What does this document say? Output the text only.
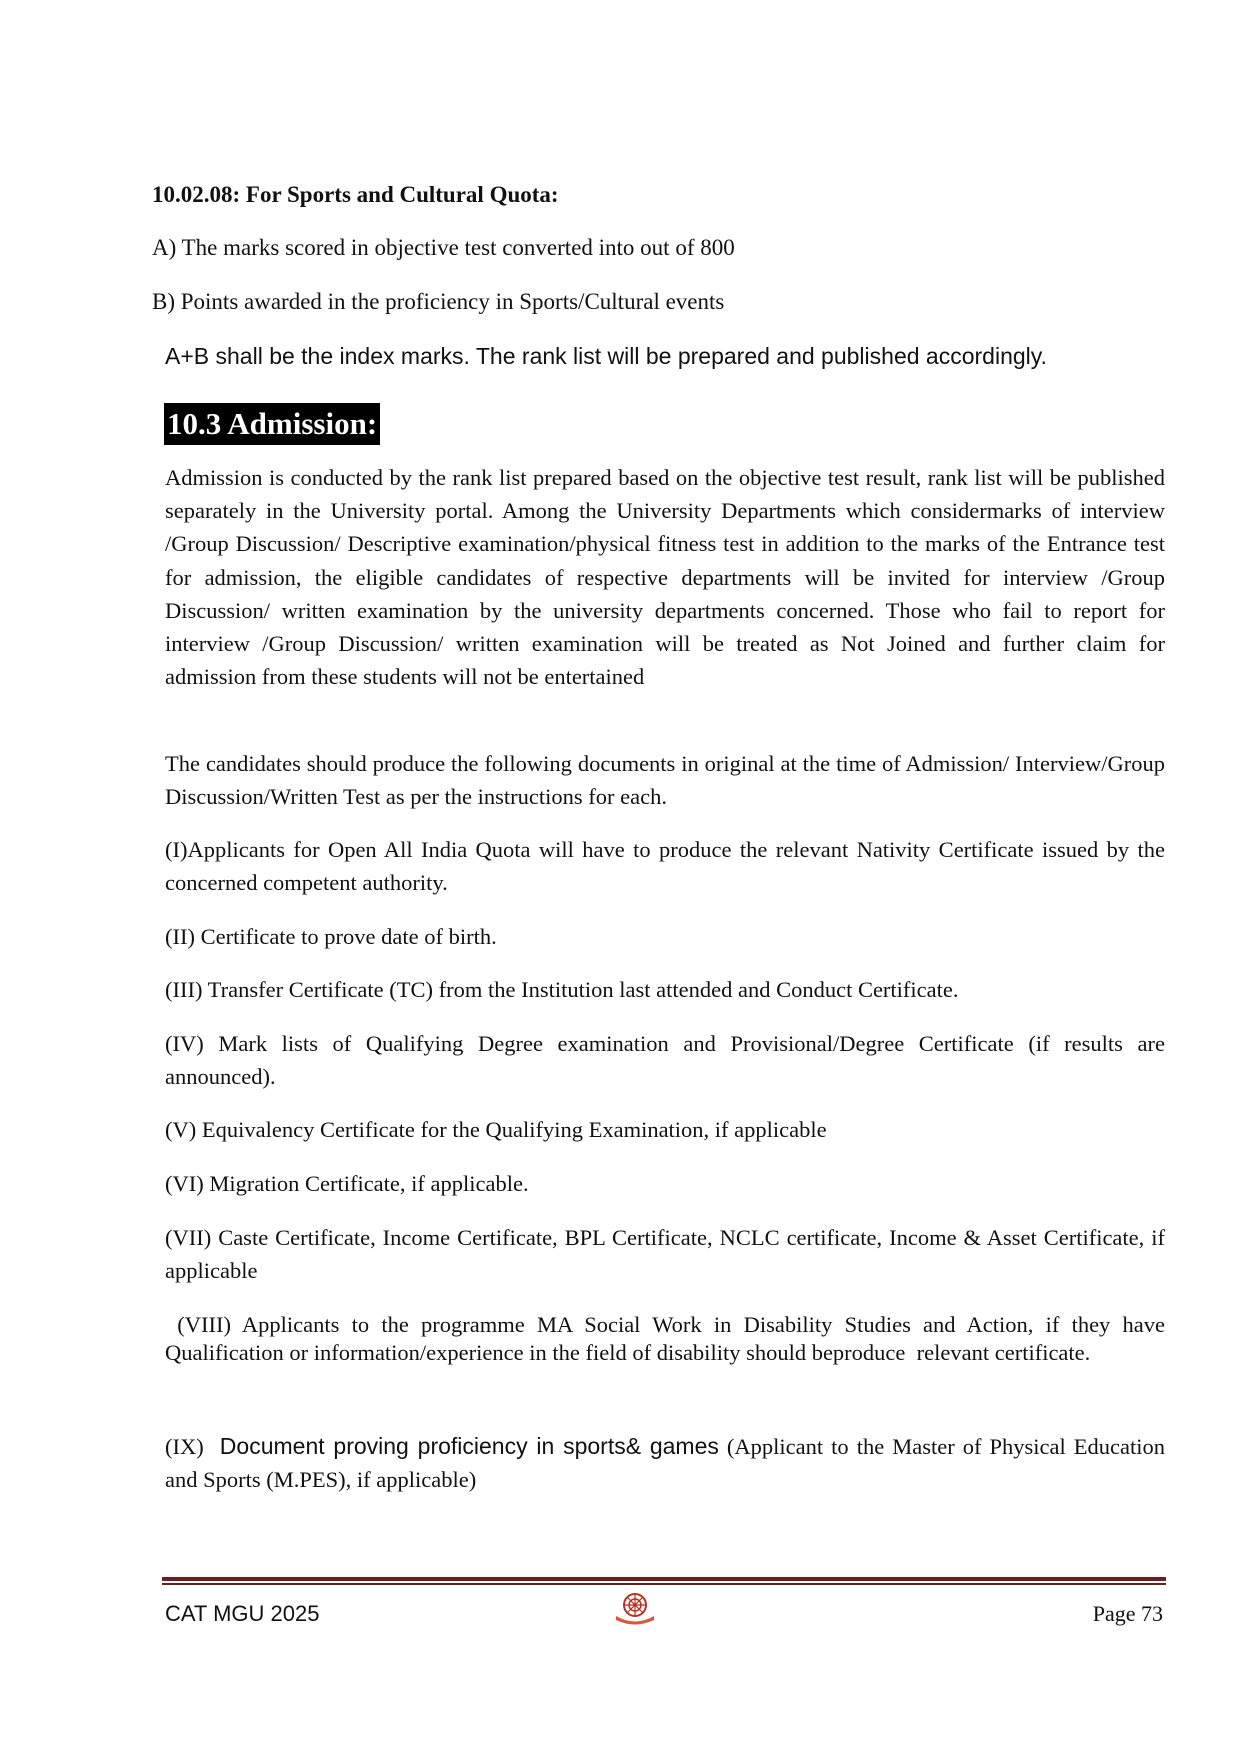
10.02.08: For Sports and Cultural Quota:
A) The marks scored in objective test converted into out of 800
B) Points awarded in the proficiency in Sports/Cultural events
A+B shall be the index marks. The rank list will be prepared and published accordingly.
10.3 Admission:
Admission is conducted by the rank list prepared based on the objective test result, rank list will be published separately in the University portal. Among the University Departments which considermarks of interview /Group Discussion/ Descriptive examination/physical fitness test in addition to the marks of the Entrance test for admission, the eligible candidates of respective departments will be invited for interview /Group Discussion/ written examination by the university departments concerned. Those who fail to report for interview /Group Discussion/ written examination will be treated as Not Joined and further claim for admission from these students will not be entertained
The candidates should produce the following documents in original at the time of Admission/ Interview/Group Discussion/Written Test as per the instructions for each.
(I)Applicants for Open All India Quota will have to produce the relevant Nativity Certificate issued by the concerned competent authority.
(II) Certificate to prove date of birth.
(III) Transfer Certificate (TC) from the Institution last attended and Conduct Certificate.
(IV) Mark lists of Qualifying Degree examination and Provisional/Degree Certificate (if results are announced).
(V) Equivalency Certificate for the Qualifying Examination, if applicable
(VI) Migration Certificate, if applicable.
(VII) Caste Certificate, Income Certificate, BPL Certificate, NCLC certificate, Income & Asset Certificate, if applicable
(VIII) Applicants to the programme MA Social Work in Disability Studies and Action, if they have Qualification or information/experience in the field of disability should beproduce  relevant certificate.
(IX)  Document proving proficiency in sports& games (Applicant to the Master of Physical Education and Sports (M.PES), if applicable)
CAT MGU 2025	Page 73
